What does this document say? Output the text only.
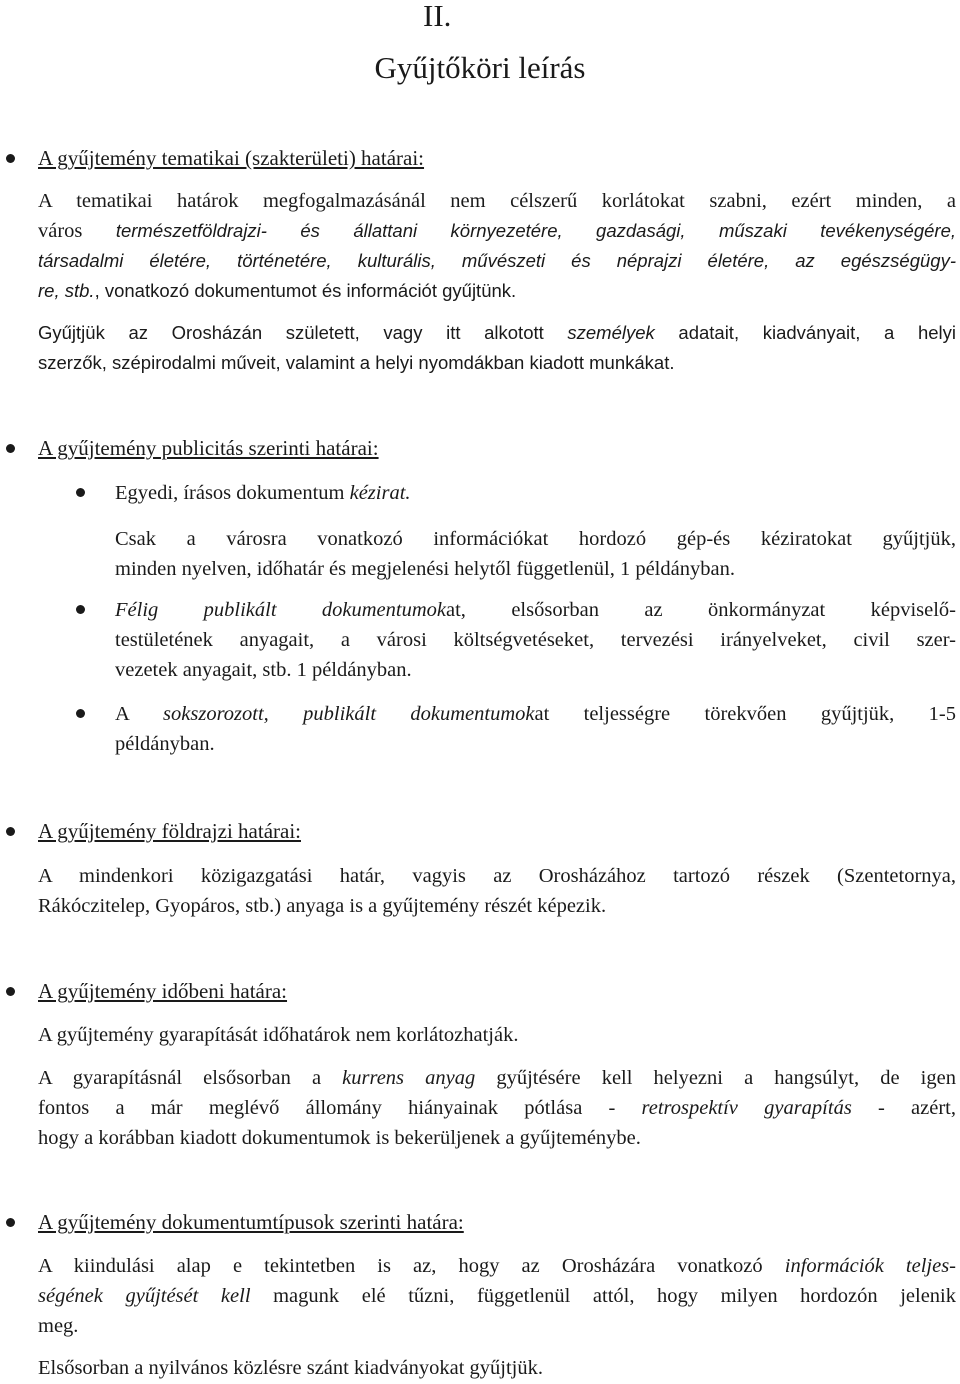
II.
Gyűjtőköri leírás
A gyűjtemény tematikai (szakterületi) határai:
A tematikai határok megfogalmazásánál nem célszerű korlátokat szabni, ezért minden, a
város természetföldrajzi- és állattani környezetére, gazdasági, műszaki tevékenységére,
társadalmi életére, történetére, kulturális, művészeti és néprajzi életére, az egészségügy-
re, stb., vonatkozó dokumentumot és információt gyűjtünk.
Gyűjtjük az Orosházán született, vagy itt alkotott személyek adatait, kiadványait, a helyi
szerzők, szépirodalmi műveit, valamint a helyi nyomdákban kiadott munkákat.
A gyűjtemény publicitás szerinti határai:
Egyedi, írásos dokumentum kézirat.
Csak a városra vonatkozó információkat hordozó gép-és kéziratokat gyűjtjük,
minden nyelven, időhatár és megjelenési helytől függetlenül, 1 példányban.
Félig publikált dokumentumokat, elsősorban az önkormányzat képviselő-
testületének anyagait, a városi költségvetéseket, tervezési irányelveket, civil szer-
vezetek anyagait, stb. 1 példányban.
A sokszorozott, publikált dokumentumokat teljességre törekvően gyűjtjük, 1-5
példányban.
A gyűjtemény földrajzi határai:
A mindenkori közigazgatási határ, vagyis az Orosházához tartozó részek (Szentetornya,
Rákóczitelep, Gyopáros, stb.) anyaga is a gyűjtemény részét képezik.
A gyűjtemény időbeni határa:
A gyűjtemény gyarapítását időhatárok nem korlátozhatják.
A gyarapításnál elsősorban a kurrens anyag gyűjtésére kell helyezni a hangsúlyt, de igen
fontos a már meglévő állomány hiányainak pótlása - retrospektív gyarapítás - azért,
hogy a korábban kiadott dokumentumok is bekerüljenek a gyűjteménybe.
A gyűjtemény dokumentumtípusok szerinti határa:
A kiindulási alap e tekintetben is az, hogy az Orosházára vonatkozó információk teljes-
ségének gyűjtését kell magunk elé tűzni, függetlenül attól, hogy milyen hordozón jelenik
meg.
Elsősorban a nyilvános közlésre szánt kiadványokat gyűjtjük.
